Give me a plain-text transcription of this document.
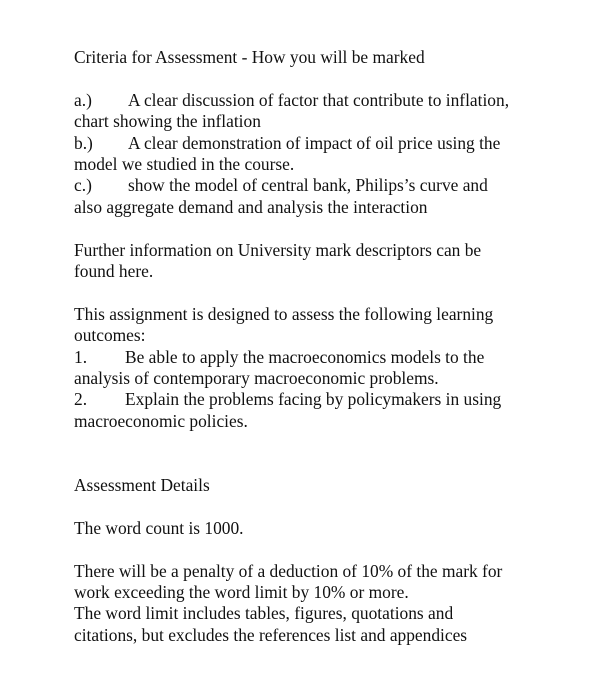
Criteria for Assessment - How you will be marked

a.) A clear discussion of factor that contribute to inflation,
chart showing the inflation
b.) A clear demonstration of impact of oil price using the
model we studied in the course.
c.) show the model of central bank, Philips’s curve and
also aggregate demand and analysis the interaction

Further information on University mark descriptors can be
found here.

This assignment is designed to assess the following learning
outcomes:

1. Be able to apply the macroeconomics models to the
analysis of contemporary macroeconomic problems.
2. Explain the problems facing by policymakers in using
macroeconomic policies.

Assessment Details

The word count is 1000.

There will be a penalty of a deduction of 10% of the mark for
work exceeding the word limit by 10% or more.
The word limit includes tables, figures, quotations and
citations, but excludes the references list and appendices
